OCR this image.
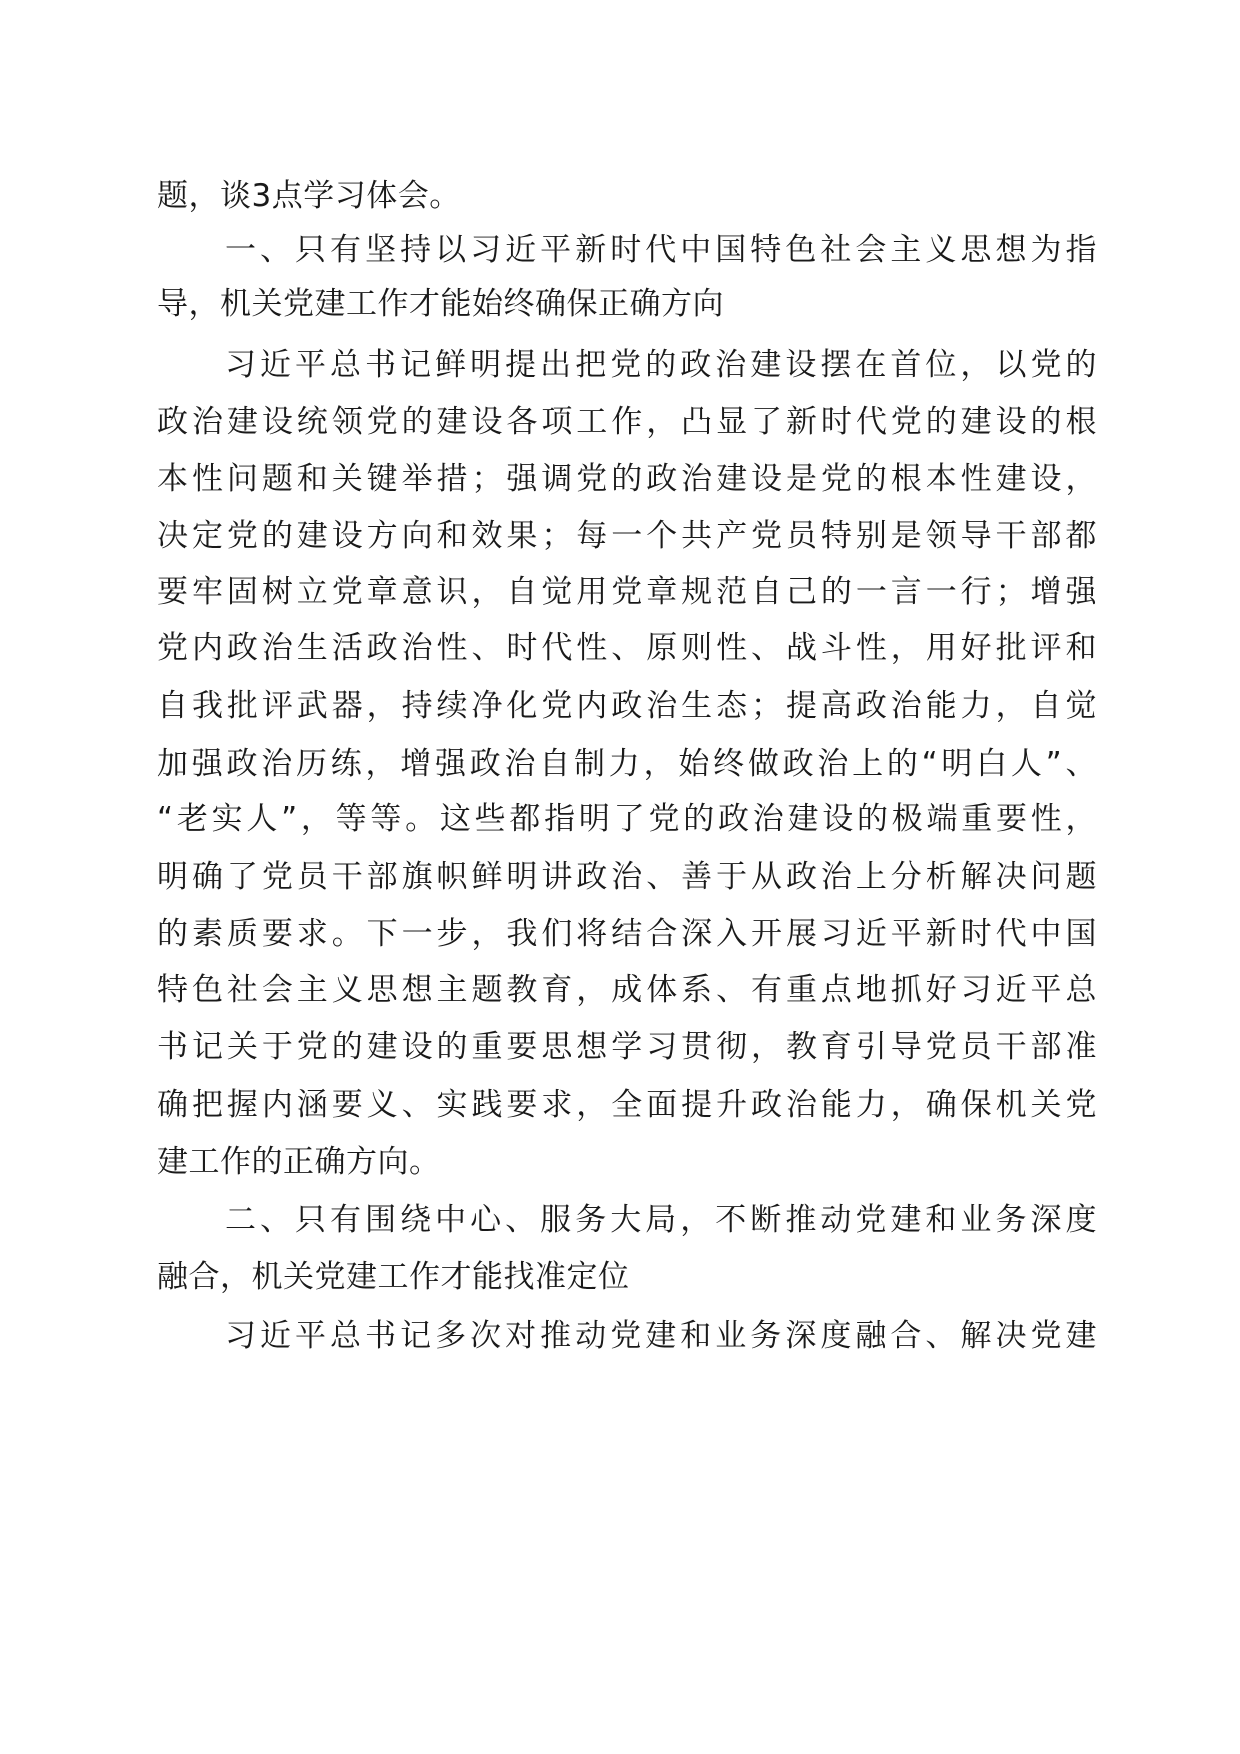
题，谈3点学习体会。
一、只有坚持以习近平新时代中国特色社会主义思想为指
导，机关党建工作才能始终确保正确方向
习近平总书记鲜明提出把党的政治建设摆在首位，以党的
政治建设统领党的建设各项工作，凸显了新时代党的建设的根
本性问题和关键举措；强调党的政治建设是党的根本性建设，
决定党的建设方向和效果；每一个共产党员特别是领导干部都
要牢固树立党章意识，自觉用党章规范自己的一言一行；增强
党内政治生活政治性、时代性、原则性、战斗性，用好批评和
自我批评武器，持续净化党内政治生态；提高政治能力，自觉
加强政治历练，增强政治自制力，始终做政治上的“明白人”、
“老实人”，等等。这些都指明了党的政治建设的极端重要性，
明确了党员干部旗帜鲜明讲政治、善于从政治上分析解决问题
的素质要求。下一步，我们将结合深入开展习近平新时代中国
特色社会主义思想主题教育，成体系、有重点地抓好习近平总
书记关于党的建设的重要思想学习贯彻，教育引导党员干部准
确把握内涵要义、实践要求，全面提升政治能力，确保机关党
建工作的正确方向。
二、只有围绕中心、服务大局，不断推动党建和业务深度
融合，机关党建工作才能找准定位
习近平总书记多次对推动党建和业务深度融合、解决党建
